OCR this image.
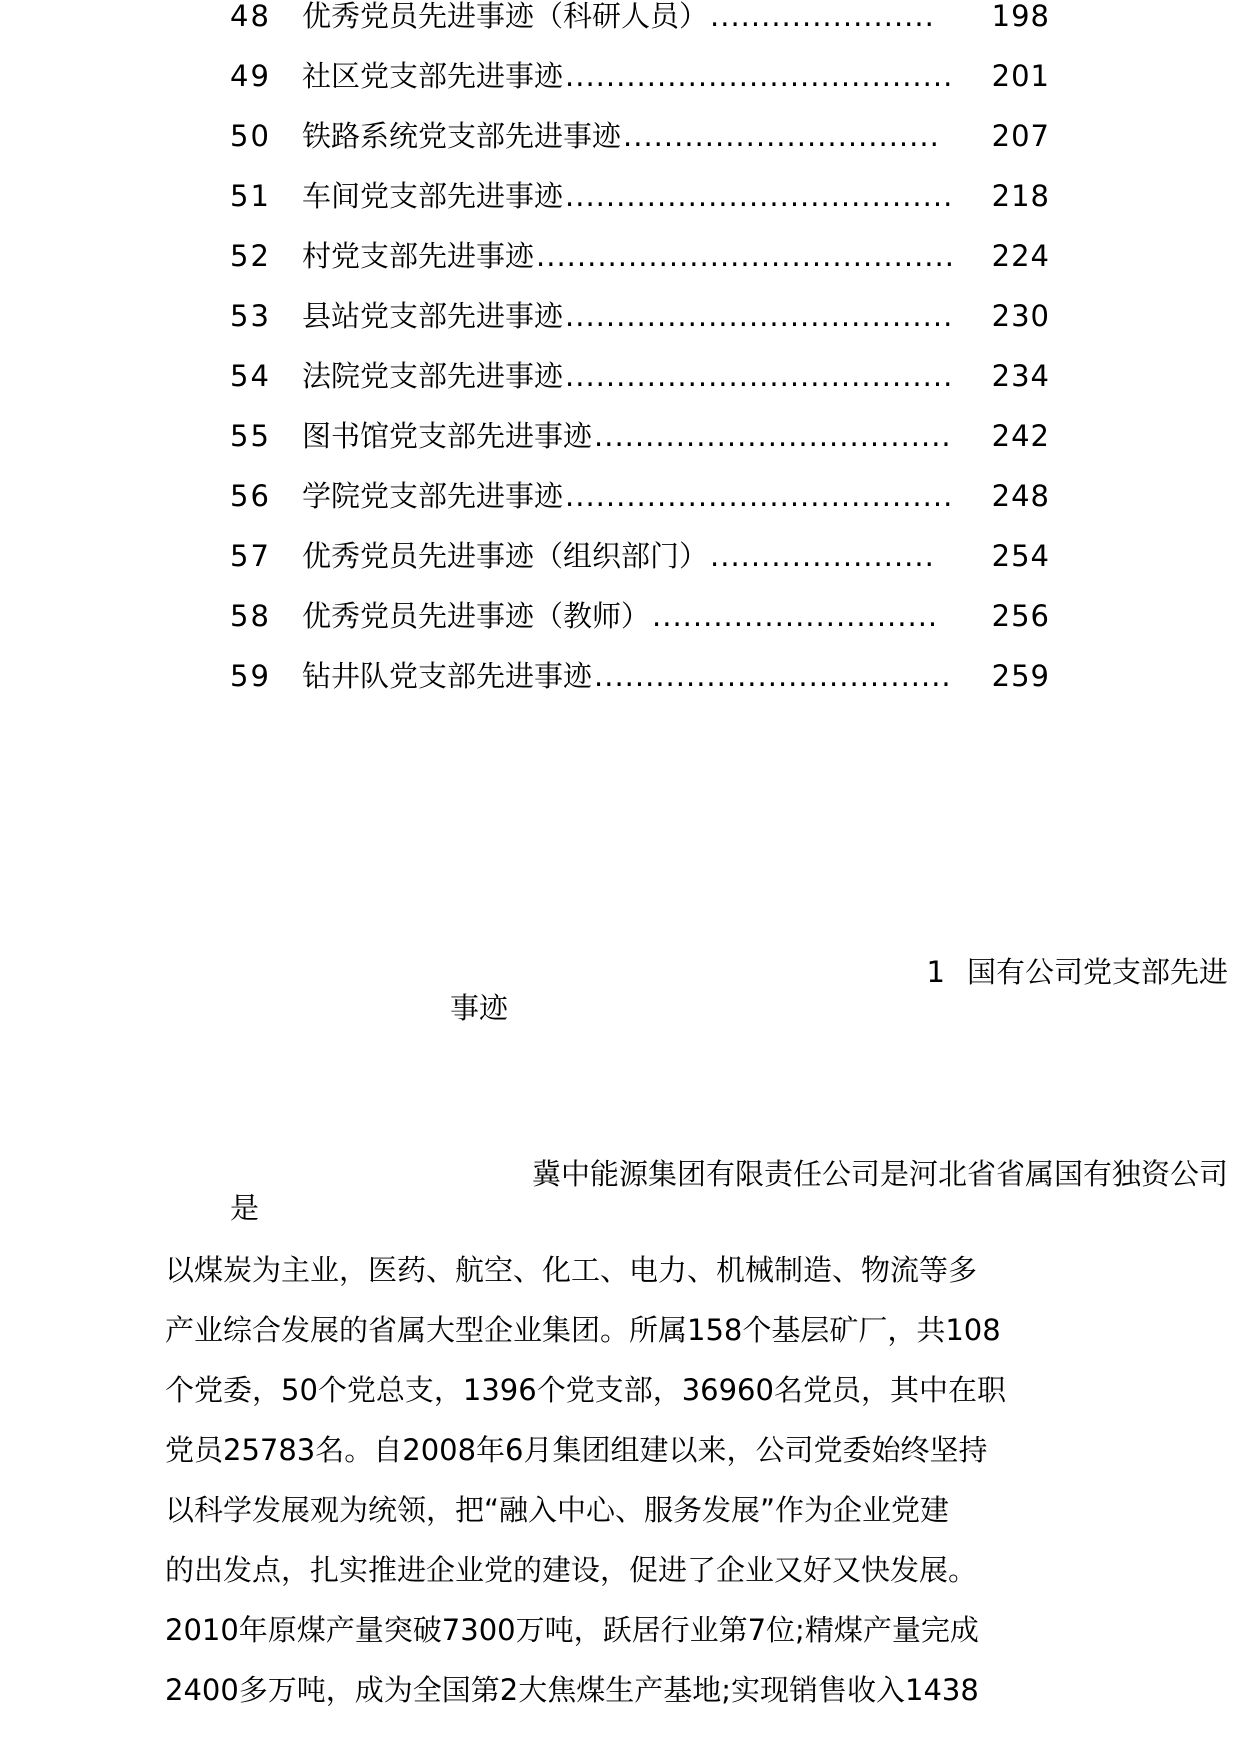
48	优秀党员先进事迹（科研人员） ......................	198
49	社区党支部先进事迹 ......................................	201
50	铁路系统党支部先进事迹 ...............................	207
51	车间党支部先进事迹 ......................................	218
52	村党支部先进事迹 .........................................	224
53	县站党支部先进事迹 ......................................	230
54	法院党支部先进事迹 ......................................	234
55	图书馆党支部先进事迹 ...................................	242
56	学院党支部先进事迹 ......................................	248
57	优秀党员先进事迹（组织部门） ......................	254
58	优秀党员先进事迹（教师） ............................	256
59	钻井队党支部先进事迹 ...................................	259
1 国有公司党支部先进
事迹
冀中能源集团有限责任公司是河北省省属国有独资公司
是
以煤炭为主业，医药、航空、化工、电力、机械制造、物流等多
产业综合发展的省属大型企业集团。所属158个基层矿厂，共108
个党委，50个党总支，1396个党支部，36960名党员，其中在职
党员25783名。自2008年6月集团组建以来，公司党委始终坚持
以科学发展观为统领，把“融入中心、服务发展”作为企业党建
的出发点，扎实推进企业党的建设，促进了企业又好又快发展。
2010年原煤产量突破7300万吨，跃居行业第7位;精煤产量完成
2400多万吨，成为全国第2大焦煤生产基地;实现销售收入1438
